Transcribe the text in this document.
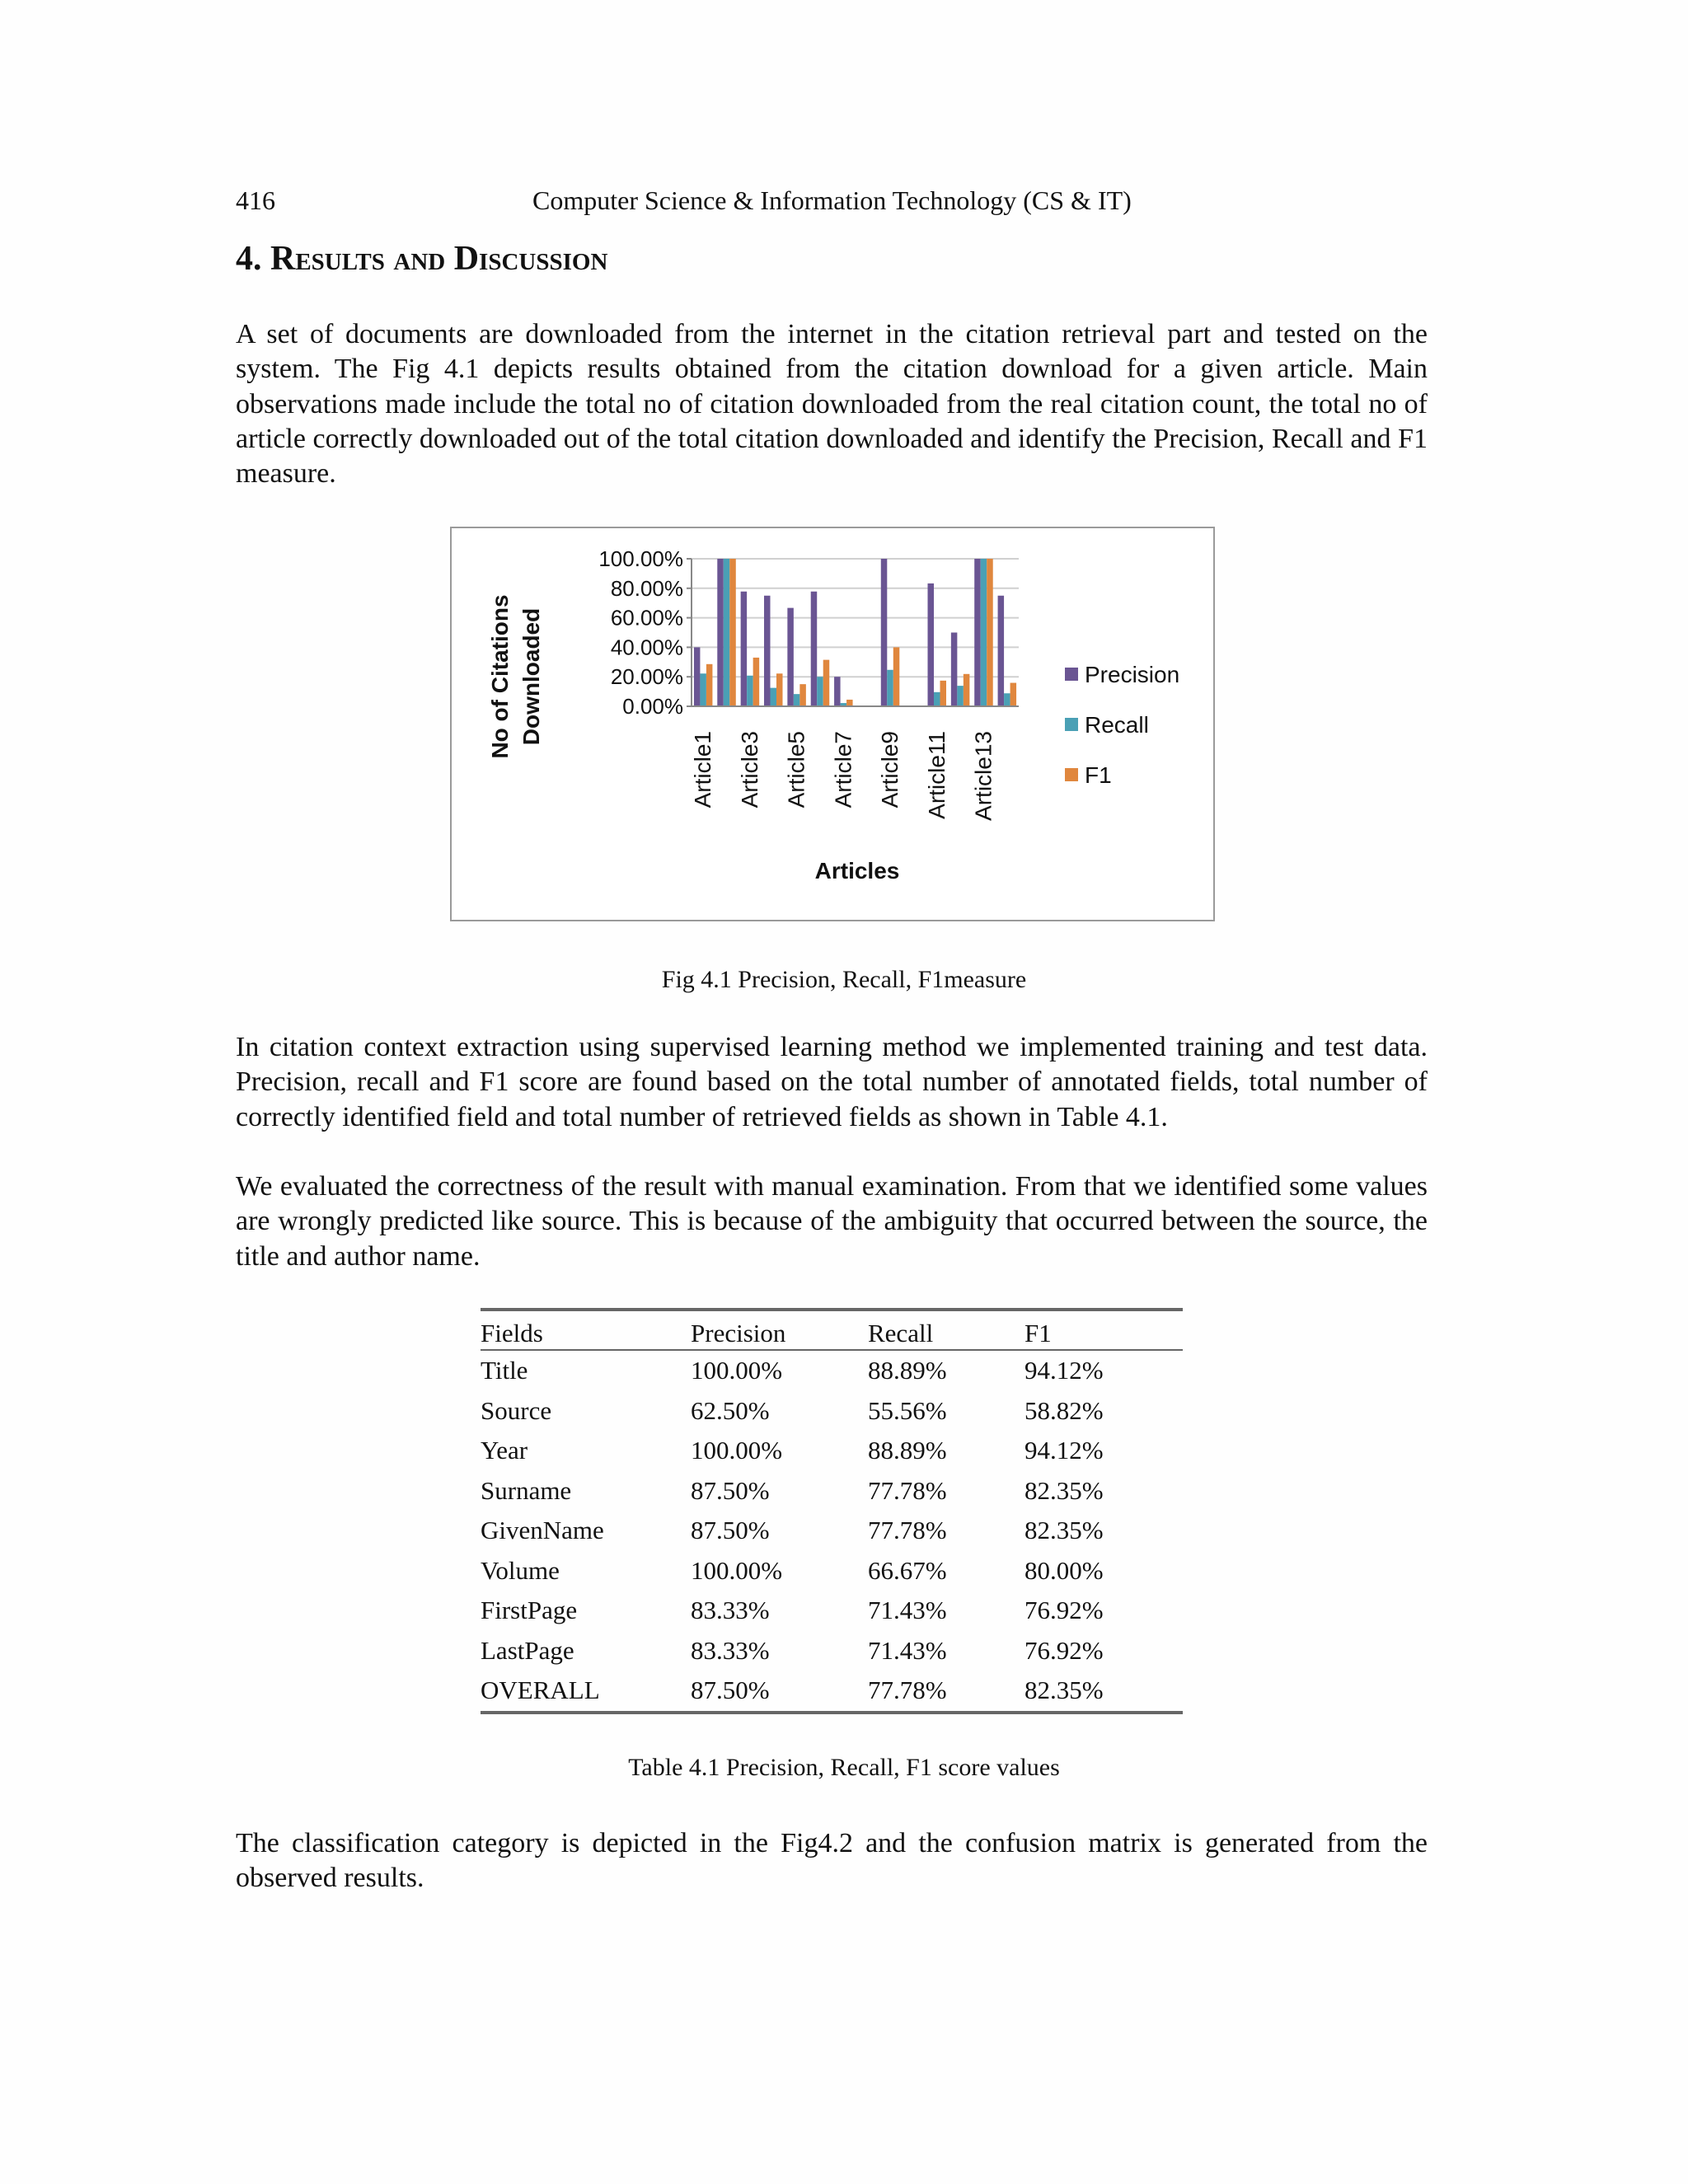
416	Computer Science & Information Technology (CS & IT)
4. Results and Discussion
A set of documents are downloaded from the internet in the citation retrieval part and tested on the system. The Fig 4.1 depicts results obtained from the citation download for a given article. Main observations made include the total no of citation downloaded from the real citation count, the total no of article correctly downloaded out of the total citation downloaded and identify the Precision, Recall and F1 measure.
0.00%
20.00%
40.00%
60.00%
80.00%
100.00%
Article1 Article3 Article5 Article7 Article9 Article11 Article13
Articles
No of Citations Downloaded	Precision
Recall
F1
Fig 4.1 Precision, Recall, F1measure
In citation context extraction using supervised learning method we implemented training and test data. Precision, recall and F1 score are found based on the total number of annotated fields, total number of correctly identified field and total number of retrieved fields as shown in Table 4.1.
We evaluated the correctness of the result with manual examination. From that we identified some values are wrongly predicted like source. This is because of the ambiguity that occurred between the source, the title and author name.
Fields	Precision	Recall	F1
Title	100.00%	88.89%	94.12%
Source	62.50%	55.56%	58.82%
Year	100.00%	88.89%	94.12%
Surname	87.50%	77.78%	82.35%
GivenName	87.50%	77.78%	82.35%
Volume	100.00%	66.67%	80.00%
FirstPage	83.33%	71.43%	76.92%
LastPage	83.33%	71.43%	76.92%
OVERALL	87.50%	77.78%	82.35%
Table 4.1 Precision, Recall, F1 score values
The classification category is depicted in the Fig4.2 and the confusion matrix is generated from the observed results.
